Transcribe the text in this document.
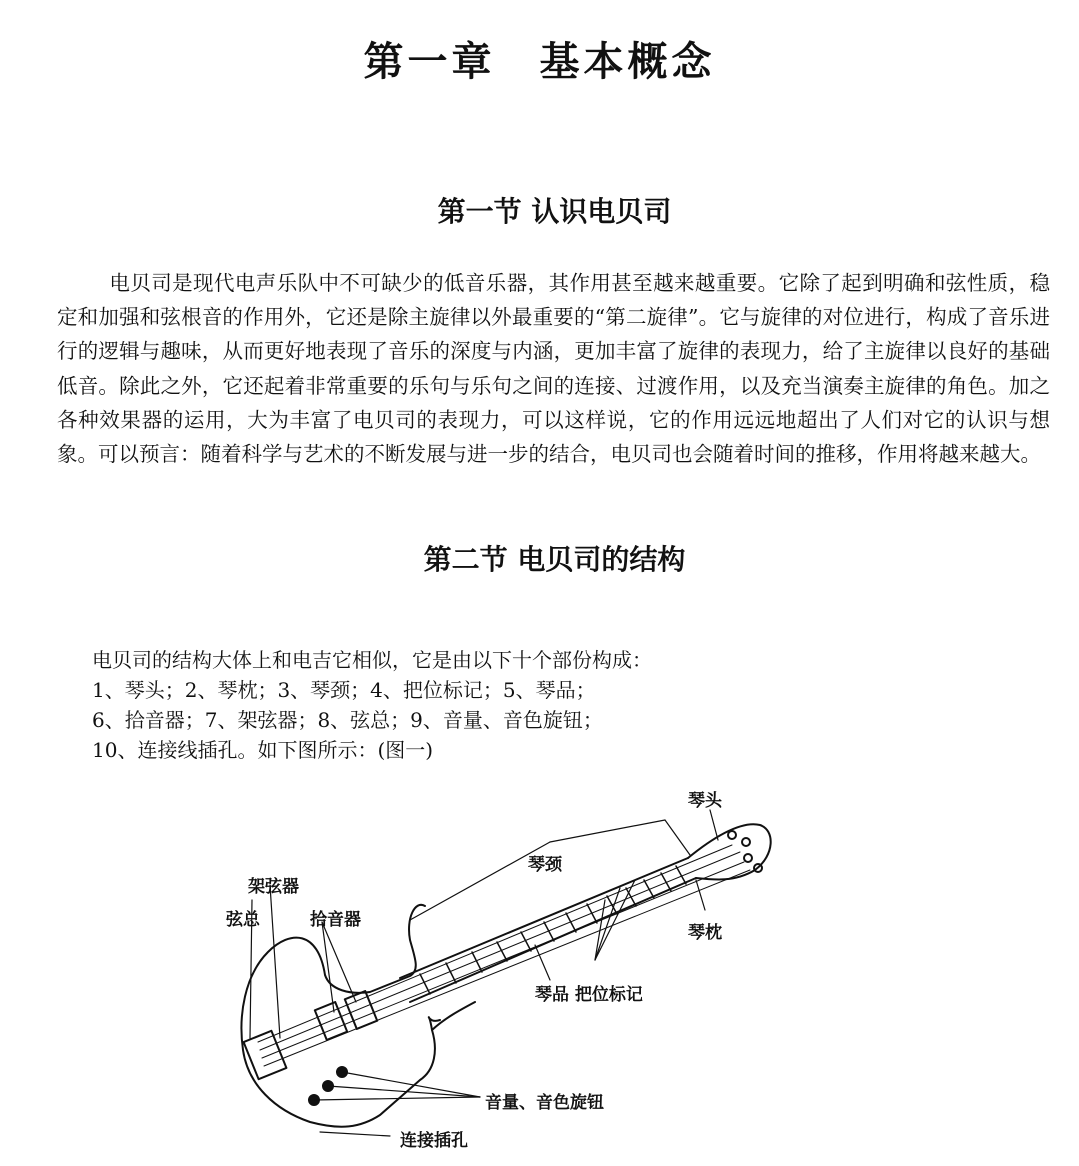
第一章　基本概念
第一节 认识电贝司

电贝司是现代电声乐队中不可缺少的低音乐器，其作用甚至越来越重要。它除了起到明确和弦性质，稳定和加强和弦根音的作用外，它还是除主旋律以外最重要的“第二旋律”。它与旋律的对位进行，构成了音乐进行的逻辑与趣味，从而更好地表现了音乐的深度与内涵，更加丰富了旋律的表现力，给了主旋律以良好的基础低音。除此之外，它还起着非常重要的乐句与乐句之间的连接、过渡作用，以及充当演奏主旋律的角色。加之各种效果器的运用，大为丰富了电贝司的表现力，可以这样说，它的作用远远地超出了人们对它的认识与想象。可以预言：随着科学与艺术的不断发展与进一步的结合，电贝司也会随着时间的推移，作用将越来越大。

第二节 电贝司的结构
电贝司的结构大体上和电吉它相似，它是由以下十个部份构成：
1、琴头；2、琴枕；3、琴颈；4、把位标记；5、琴品；
6、拾音器；7、架弦器；8、弦总；9、音量、音色旋钮；
10、连接线插孔。如下图所示：(图一)
琴头
琴颈
架弦器
弦总	拾音器
琴枕
琴品 把位标记
音量、音色旋钮
连接插孔
